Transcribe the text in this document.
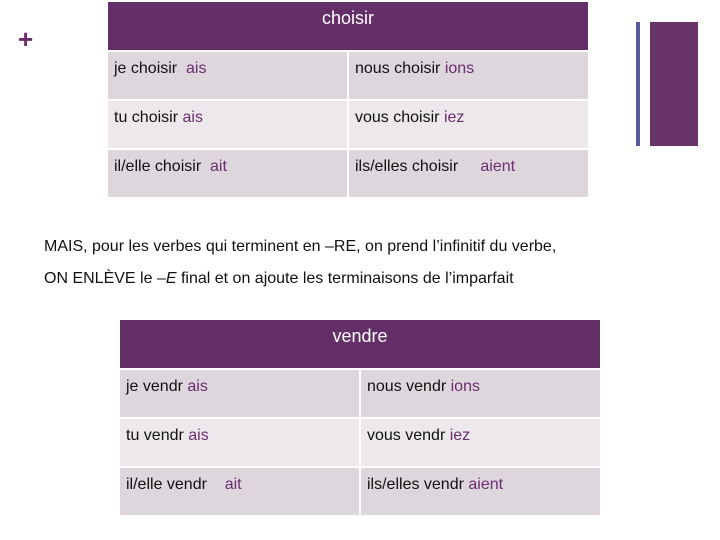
+
choisir	
je choisir ais	nous choisir ions
tu choisir ais	vous choisir iez
il/elle choisir ait	ils/elles choisir aient

MAIS, pour les verbes qui terminent en –RE, on prend l’infinitif du verbe,

ON ENLÈVE le –E final et on ajoute les terminaisons de l’imparfait

vendre	
je vendr ais	nous vendr ions
tu vendr ais	vous vendr iez
il/elle vendr ait	ils/elles vendr aient
